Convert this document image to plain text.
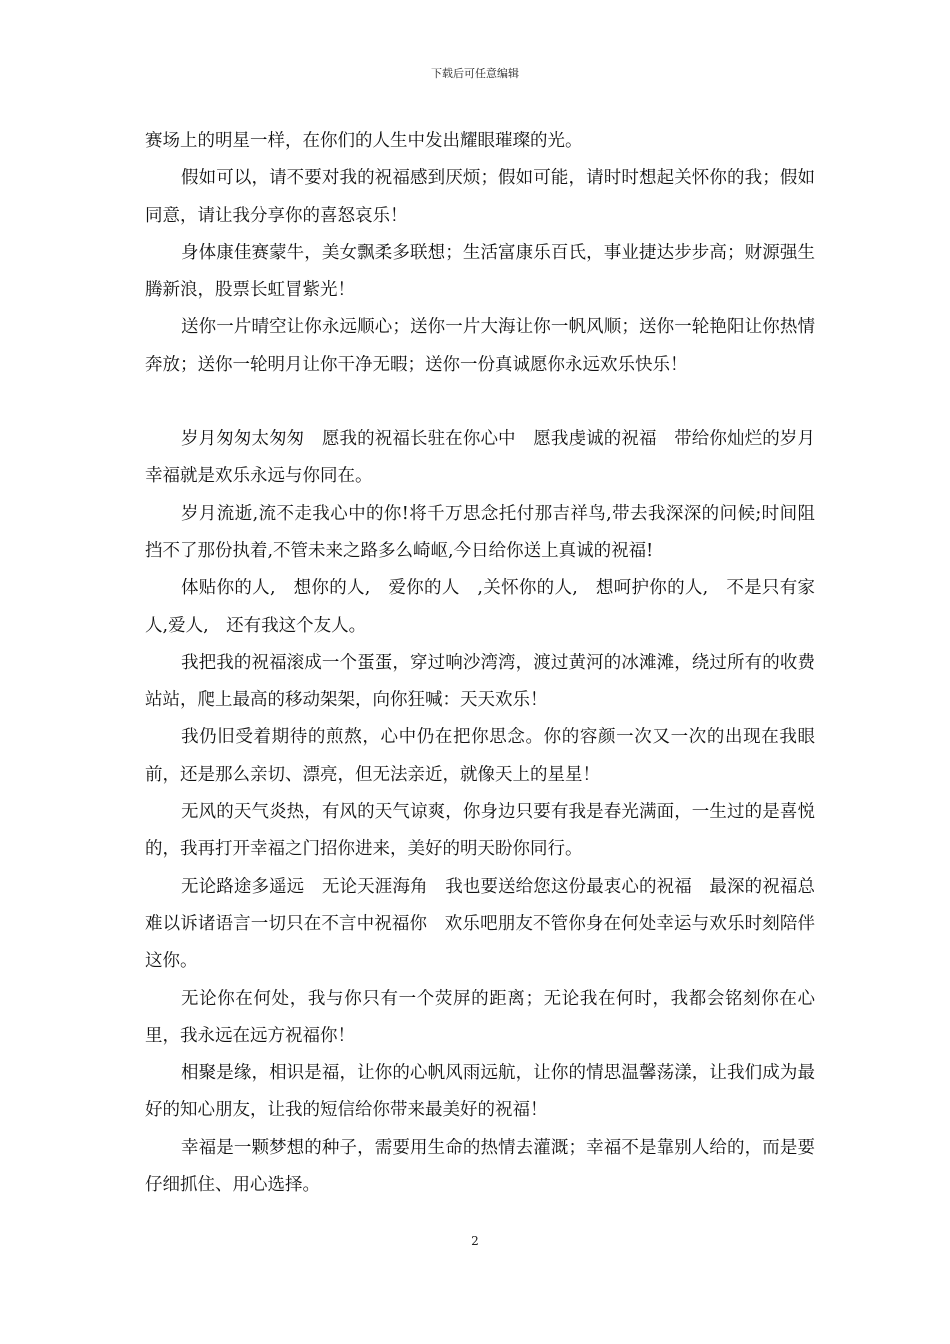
下载后可任意编辑

赛场上的明星一样，在你们的人生中发出耀眼璀璨的光。

假如可以，请不要对我的祝福感到厌烦；假如可能，请时时想起关怀你的我；假如同意，请让我分享你的喜怒哀乐！

身体康佳赛蒙牛，美女飘柔多联想；生活富康乐百氏，事业捷达步步高；财源强生腾新浪，股票长虹冒紫光！

送你一片晴空让你永远顺心；送你一片大海让你一帆风顺；送你一轮艳阳让你热情奔放；送你一轮明月让你干净无暇；送你一份真诚愿你永远欢乐快乐！

岁月匆匆太匆匆　愿我的祝福长驻在你心中　愿我虔诚的祝福　带给你灿烂的岁月　幸福就是欢乐永远与你同在。

岁月流逝,流不走我心中的你!将千万思念托付那吉祥鸟,带去我深深的问候;时间阻挡不了那份执着,不管未来之路多么崎岖,今日给你送上真诚的祝福!

体贴你的人,　想你的人,　爱你的人　,关怀你的人,　想呵护你的人,　不是只有家人,爱人,　还有我这个友人。

我把我的祝福滚成一个蛋蛋，穿过响沙湾湾，渡过黄河的冰滩滩，绕过所有的收费站站，爬上最高的移动架架，向你狂喊：天天欢乐！

我仍旧受着期待的煎熬，心中仍在把你思念。你的容颜一次又一次的出现在我眼前，还是那么亲切、漂亮，但无法亲近，就像天上的星星！

无风的天气炎热，有风的天气谅爽，你身边只要有我是春光满面，一生过的是喜悦的，我再打开幸福之门招你进来，美好的明天盼你同行。

无论路途多遥远　无论天涯海角　我也要送给您这份最衷心的祝福　最深的祝福总难以诉诸语言一切只在不言中祝福你　欢乐吧朋友不管你身在何处幸运与欢乐时刻陪伴这你。

无论你在何处，我与你只有一个荧屏的距离；无论我在何时，我都会铭刻你在心里，我永远在远方祝福你！

相聚是缘，相识是福，让你的心帆风雨远航，让你的情思温馨荡漾，让我们成为最好的知心朋友，让我的短信给你带来最美好的祝福！

幸福是一颗梦想的种子，需要用生命的热情去灌溉；幸福不是靠别人给的，而是要仔细抓住、用心选择。

2
